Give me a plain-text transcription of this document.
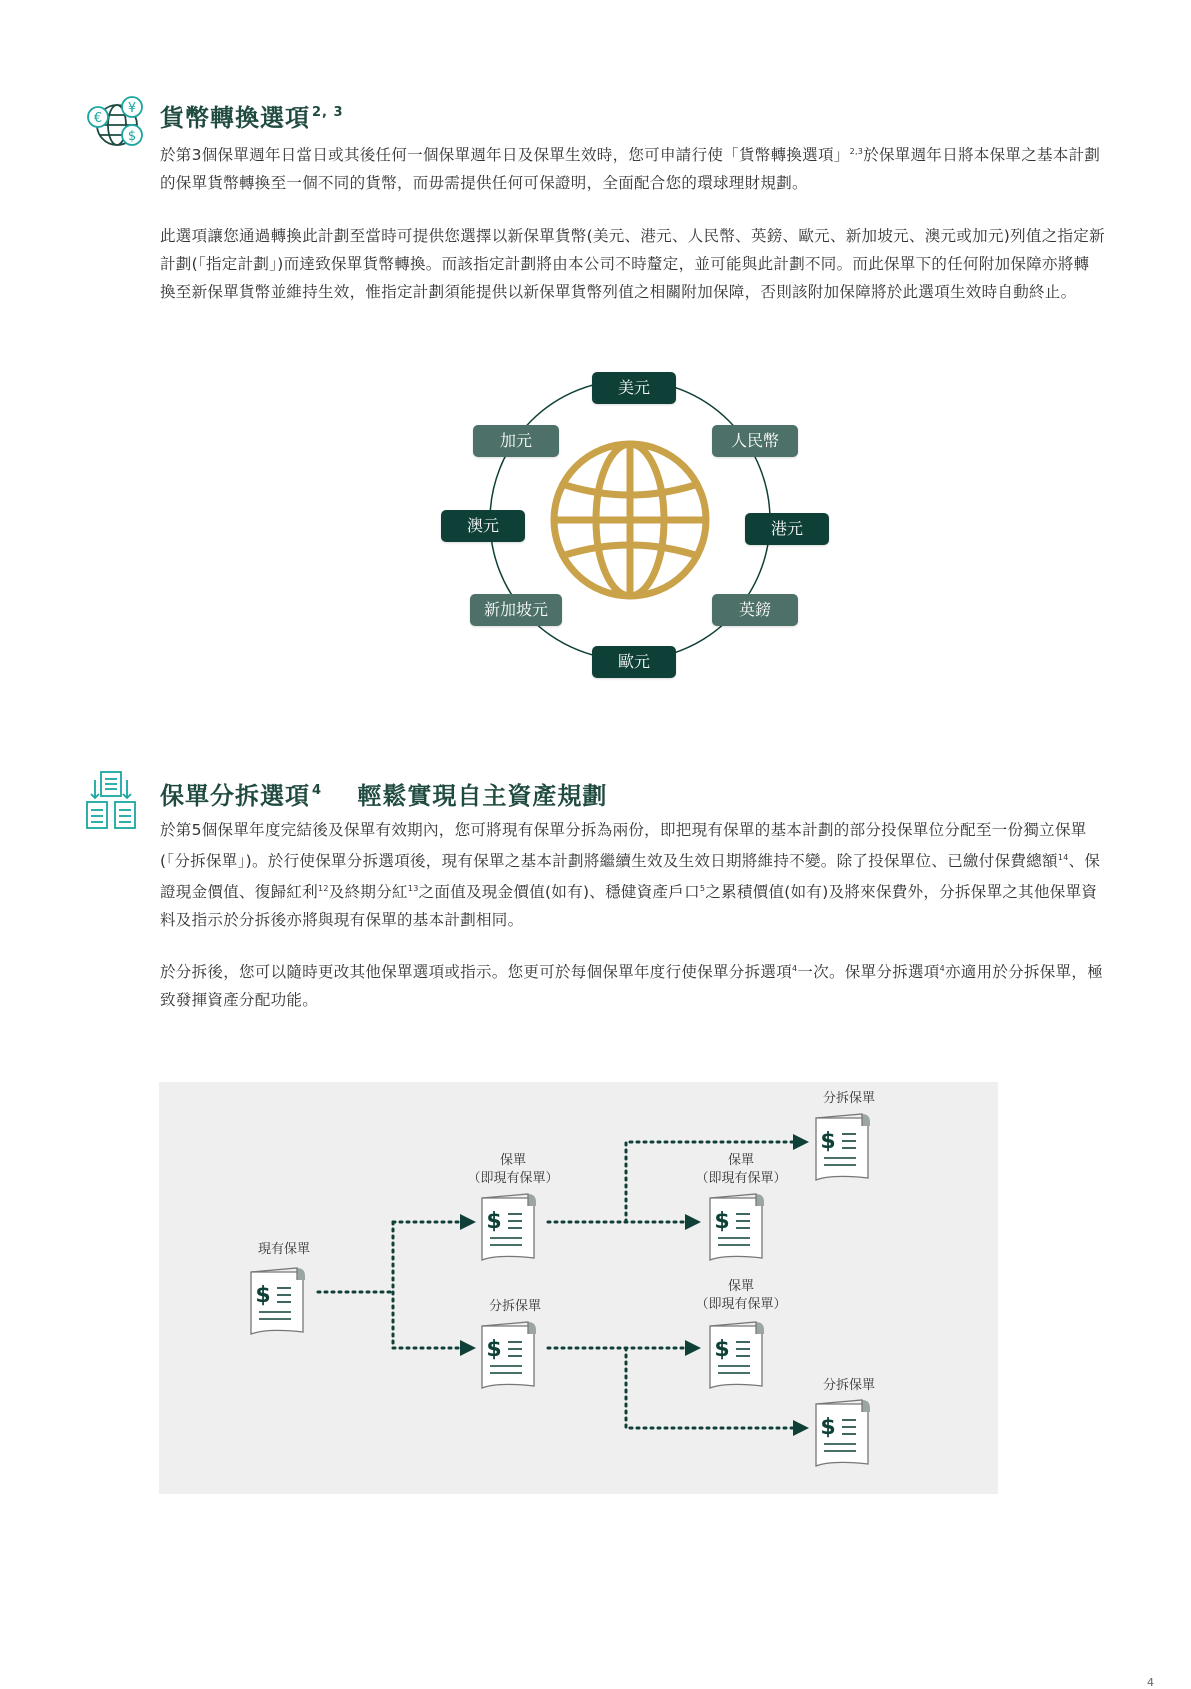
€
¥
$
貨幣轉換選項 $^{2, 3}$
於第3個保單週年日當日或其後任何一個保單週年日及保單生效時，您可申請行使「貨幣轉換選項」$^{2,3}$於保單週年日將本保單之基本計劃的保單貨幣轉換至一個不同的貨幣，而毋需提供任何可保證明，全面配合您的環球理財規劃。
此選項讓您通過轉換此計劃至當時可提供您選擇以新保單貨幣(美元、港元、人民幣、英鎊、歐元、新加坡元、澳元或加元)列值之指定新計劃(「指定計劃」)而達致保單貨幣轉換。而該指定計劃將由本公司不時釐定，並可能與此計劃不同。而此保單下的任何附加保障亦將轉換至新保單貨幣並維持生效，惟指定計劃須能提供以新保單貨幣列值之相關附加保障，否則該附加保障將於此選項生效時自動終止。
美元
人民幣
港元
英鎊
歐元
新加坡元
澳元
加元
保單分拆選項 $^4$ 輕鬆實現自主資產規劃
於第5個保單年度完結後及保單有效期內，您可將現有保單分拆為兩份，即把現有保單的基本計劃的部分投保單位分配至一份獨立保單(「分拆保單」)。於行使保單分拆選項後，現有保單之基本計劃將繼續生效及生效日期將維持不變。除了投保單位、已繳付保費總額$^{14}$、保證現金價值、復歸紅利$^{12}$及終期分紅$^{13}$之面值及現金價值(如有)、穩健資產戶口$^5$之累積價值(如有)及將來保費外，分拆保單之其他保單資料及指示於分拆後亦將與現有保單的基本計劃相同。
於分拆後，您可以隨時更改其他保單選項或指示。您更可於每個保單年度行使保單分拆選項$^4$一次。保單分拆選項$^4$亦適用於分拆保單，極致發揮資產分配功能。
$
$
$
$
$
$
$
現有保單
保單
（即現有保單）
分拆保單
保單
（即現有保單）
保單
（即現有保單）
分拆保單
分拆保單
4
